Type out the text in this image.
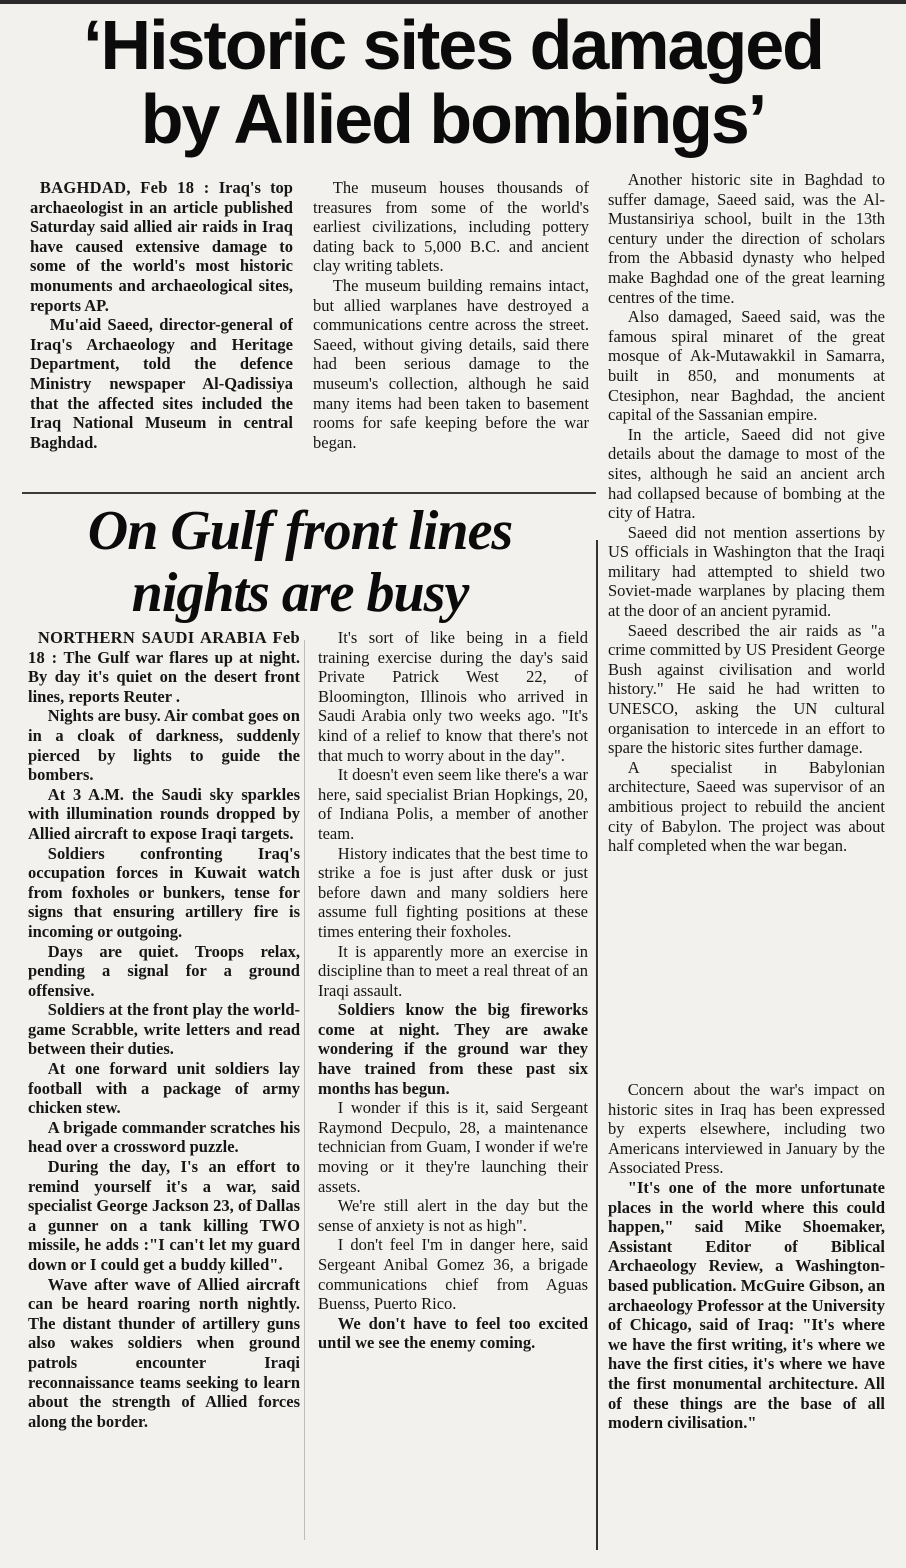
‘Historic sites damaged
by Allied bombings’

BAGHDAD, Feb 18 : Iraq's top archaeologist in an article published Saturday said allied air raids in Iraq have caused extensive damage to some of the world's most historic monuments and archaeological sites, reports AP.

Mu'aid Saeed, director-general of Iraq's Archaeology and Heritage Department, told the defence Ministry newspaper Al-Qadissiya that the affected sites included the Iraq National Museum in central Baghdad.

The museum houses thousands of treasures from some of the world's earliest civilizations, including pottery dating back to 5,000 B.C. and ancient clay writing tablets.

The museum building remains intact, but allied warplanes have destroyed a communications centre across the street. Saeed, without giving details, said there had been serious damage to the museum's collection, although he said many items had been taken to basement rooms for safe keeping before the war began.

Another historic site in Baghdad to suffer damage, Saeed said, was the Al-Mustansiriya school, built in the 13th century under the direction of scholars from the Abbasid dynasty who helped make Baghdad one of the great learning centres of the time.

Also damaged, Saeed said, was the famous spiral minaret of the great mosque of Ak-Mutawakkil in Samarra, built in 850, and monuments at Ctesiphon, near Baghdad, the ancient capital of the Sassanian empire.

In the article, Saeed did not give details about the damage to most of the sites, although he said an ancient arch had collapsed because of bombing at the city of Hatra.

Saeed did not mention assertions by US officials in Washington that the Iraqi military had attempted to shield two Soviet-made warplanes by placing them at the door of an ancient pyramid.

Saeed described the air raids as "a crime committed by US President George Bush against civilisation and world history." He said he had written to UNESCO, asking the UN cultural organisation to intercede in an effort to spare the historic sites further damage.

A specialist in Babylonian architecture, Saeed was supervisor of an ambitious project to rebuild the ancient city of Babylon. The project was about half completed when the war began.

Concern about the war's impact on historic sites in Iraq has been expressed by experts elsewhere, including two Americans interviewed in January by the Associated Press.

"It's one of the more unfortunate places in the world where this could happen," said Mike Shoemaker, Assistant Editor of Biblical Archaeology Review, a Washington-based publication. McGuire Gibson, an archaeology Professor at the University of Chicago, said of Iraq: "It's where we have the first writing, it's where we have the first cities, it's where we have the first monumental architecture. All of these things are the base of all modern civilisation."

On Gulf front lines
nights are busy

NORTHERN SAUDI ARABIA Feb 18 : The Gulf war flares up at night. By day it's quiet on the desert front lines, reports Reuter .

Nights are busy. Air combat goes on in a cloak of darkness, suddenly pierced by lights to guide the bombers.

At 3 A.M. the Saudi sky sparkles with illumination rounds dropped by Allied aircraft to expose Iraqi targets.

Soldiers confronting Iraq's occupation forces in Kuwait watch from foxholes or bunkers, tense for signs that ensuring artillery fire is incoming or outgoing.

Days are quiet. Troops relax, pending a signal for a ground offensive.

Soldiers at the front play the world-game Scrabble, write letters and read between their duties.

At one forward unit soldiers lay football with a package of army chicken stew.

A brigade commander scratches his head over a crossword puzzle.

During the day, I's an effort to remind yourself it's a war, said specialist George Jackson 23, of Dallas a gunner on a tank killing TWO missile, he adds :"I can't let my guard down or I could get a buddy killed".

Wave after wave of Allied aircraft can be heard roaring north nightly. The distant thunder of artillery guns also wakes soldiers when ground patrols encounter Iraqi reconnaissance teams seeking to learn about the strength of Allied forces along the border.

It's sort of like being in a field training exercise during the day's said Private Patrick West 22, of Bloomington, Illinois who arrived in Saudi Arabia only two weeks ago. "It's kind of a relief to know that there's not that much to worry about in the day".

It doesn't even seem like there's a war here, said specialist Brian Hopkings, 20, of Indiana Polis, a member of another team.

History indicates that the best time to strike a foe is just after dusk or just before dawn and many soldiers here assume full fighting positions at these times entering their foxholes.

It is apparently more an exercise in discipline than to meet a real threat of an Iraqi assault.

Soldiers know the big fireworks come at night. They are awake wondering if the ground war they have trained from these past six months has begun.

I wonder if this is it, said Sergeant Raymond Decpulo, 28, a maintenance technician from Guam, I wonder if we're moving or it they're launching their assets.

We're still alert in the day but the sense of anxiety is not as high".

I don't feel I'm in danger here, said Sergeant Anibal Gomez 36, a brigade communications chief from Aguas Buenss, Puerto Rico.

We don't have to feel too excited until we see the enemy coming.
